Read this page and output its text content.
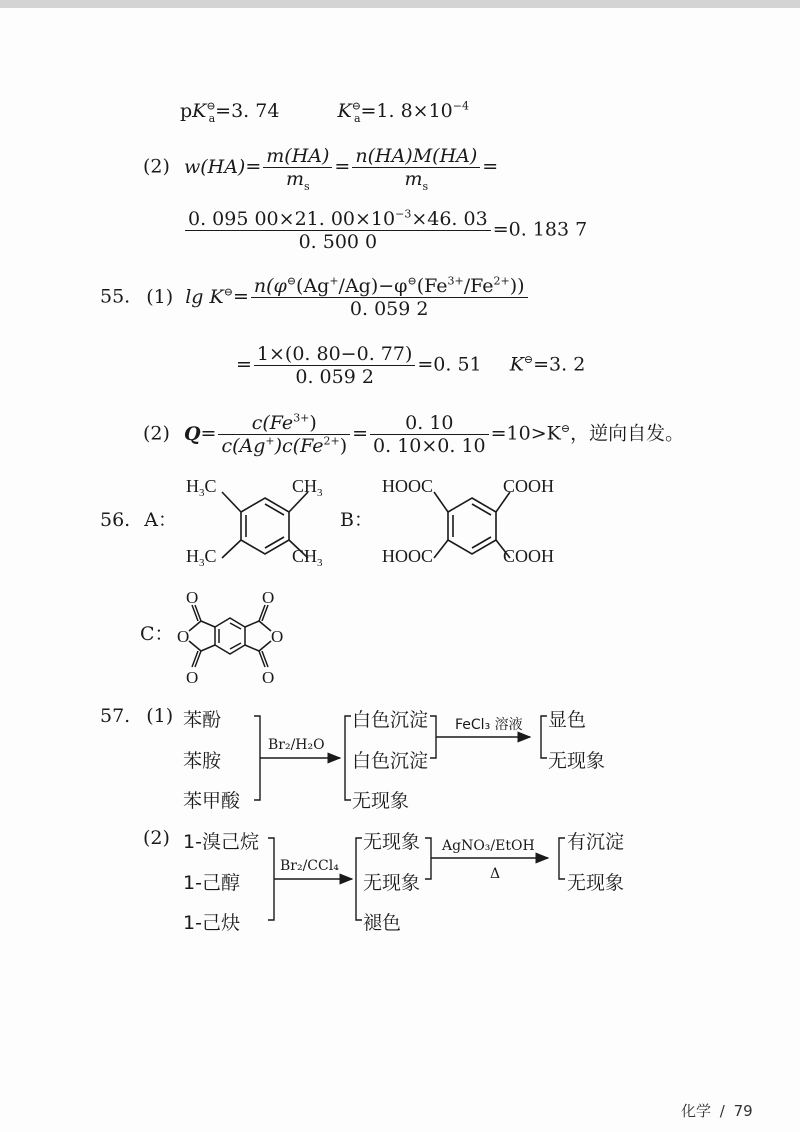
$pK^⊖_a=3$. 74	$K^⊖_a=1$. $8\times 10^{-4}$
(2) $w(HA)= \frac{m(HA)}{m_s} = \frac{n(HA)M(HA)}{m_s}$ =
$\frac{0. 095 00\times 21. 00\times 10^{-3}\times 46. 03}{0. 500 0} =0$. 183 7
55. (1) $\lg K^⊖= \frac{n(\varphi^⊖(Ag^+/Ag)-\varphi^⊖(Fe^{3+}/Fe^{2+}))}{0. 059 2}$
= $\frac{1\times(0. 80-0. 77)}{0. 059 2} =0$. 51 K⊖=3. 2
(2) $Q= \frac{c(Fe^{3+})}{c(Ag^+)c(Fe^{2+})} = \frac{0. 10}{0. 10\times 0. 10} =10>K^⊖$，逆向自发。
56. A：
$H_3C$	$CH_3$
$H_3C$	$CH_3$
B：
HOOC	COOH
HOOC	COOH
C：
O	O
O	O
O	O
57. (1) 苯酚
苯胺
苯甲酸
Br₂/H₂O
白色沉淀
白色沉淀
无现象
FeCl₃ 溶液 显色
无现象
(2) 1-溴己烷
1-己醇
1-己炔
Br₂/CCl₄
无现象
无现象
褪色
AgNO₃/EtOH
Δ
有沉淀
无现象
化学 / 79
